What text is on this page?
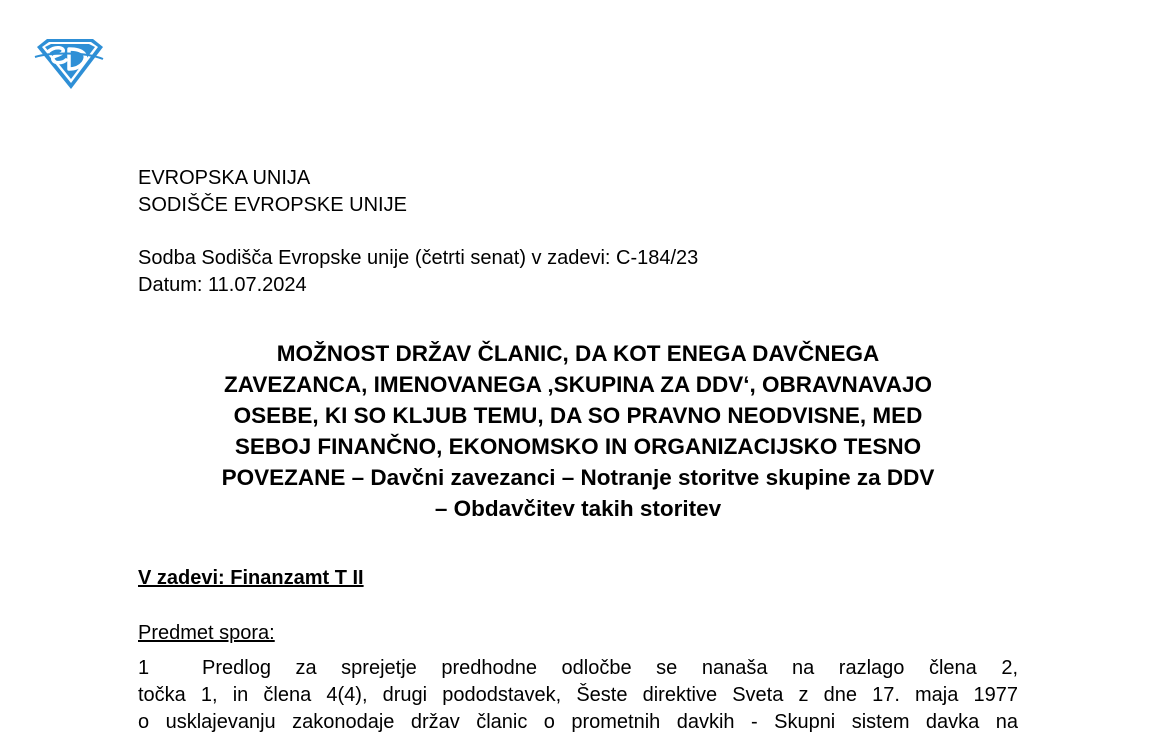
EVROPSKA UNIJA
SODIŠČE EVROPSKE UNIJE
Sodba Sodišča Evropske unije (četrti senat) v zadevi: C-184/23
Datum: 11.07.2024
MOŽNOST DRŽAV ČLANIC, DA KOT ENEGA DAVČNEGA
ZAVEZANCA, IMENOVANEGA ‚SKUPINA ZA DDV‘, OBRAVNAVAJO
OSEBE, KI SO KLJUB TEMU, DA SO PRAVNO NEODVISNE, MED
SEBOJ FINANČNO, EKONOMSKO IN ORGANIZACIJSKO TESNO
POVEZANE – Davčni zavezanci – Notranje storitve skupine za DDV
– Obdavčitev takih storitev
V zadevi: Finanzamt T II
Predmet spora:
1	Predlog za sprejetje predhodne odločbe se nanaša na razlago člena 2,
točka 1, in člena 4(4), drugi pododstavek, Šeste direktive Sveta z dne 17. maja 1977
o usklajevanju zakonodaje držav članic o prometnih davkih - Skupni sistem davka na
